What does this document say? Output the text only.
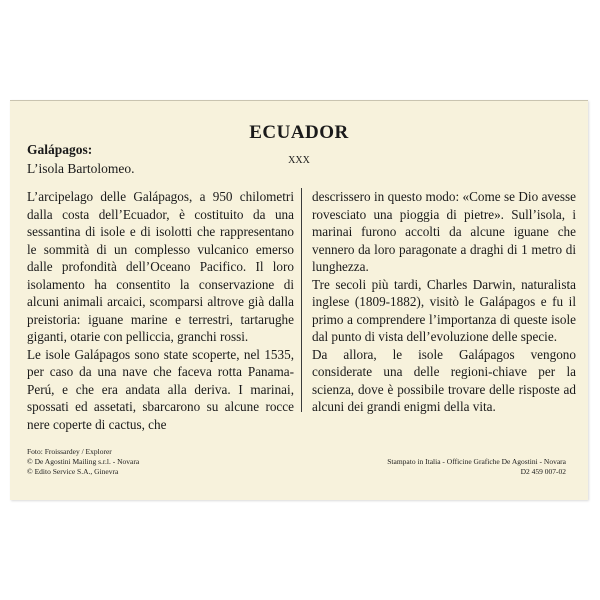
ECUADOR
XXX
Galápagos:
L’isola Bartolomeo.

L’arcipelago delle Galápagos, a 950 chilometri dalla costa dell’Ecuador, è costituito da una sessantina di isole e di isolotti che rappresentano le sommità di un complesso vulcanico emerso dalle profondità dell’Oceano Pacifico. Il loro isolamento ha consentito la conservazione di alcuni animali arcaici, scomparsi altrove già dalla preistoria: iguane marine e terrestri, tartarughe giganti, otarie con pelliccia, granchi rossi.

Le isole Galápagos sono state scoperte, nel 1535, per caso da una nave che faceva rotta Panama-Perú, e che era andata alla deriva. I marinai, spossati ed assetati, sbarcarono su alcune rocce nere coperte di cactus, che

descrissero in questo modo: «Come se Dio avesse rovesciato una pioggia di pietre». Sull’isola, i marinai furono accolti da alcune iguane che vennero da loro paragonate a draghi di 1 metro di lunghezza.

Tre secoli più tardi, Charles Darwin, naturalista inglese (1809-1882), visitò le Galápagos e fu il primo a comprendere l’importanza di queste isole dal punto di vista dell’evoluzione delle specie.

Da allora, le isole Galápagos vengono considerate una delle regioni-chiave per la scienza, dove è possibile trovare delle risposte ad alcuni dei grandi enigmi della vita.

Foto: Froissardey / Explorer
© De Agostini Mailing s.r.l. - Novara
© Edito Service S.A., Ginevra
Stampato in Italia - Officine Grafiche De Agostini - Novara
D2 459 007-02
